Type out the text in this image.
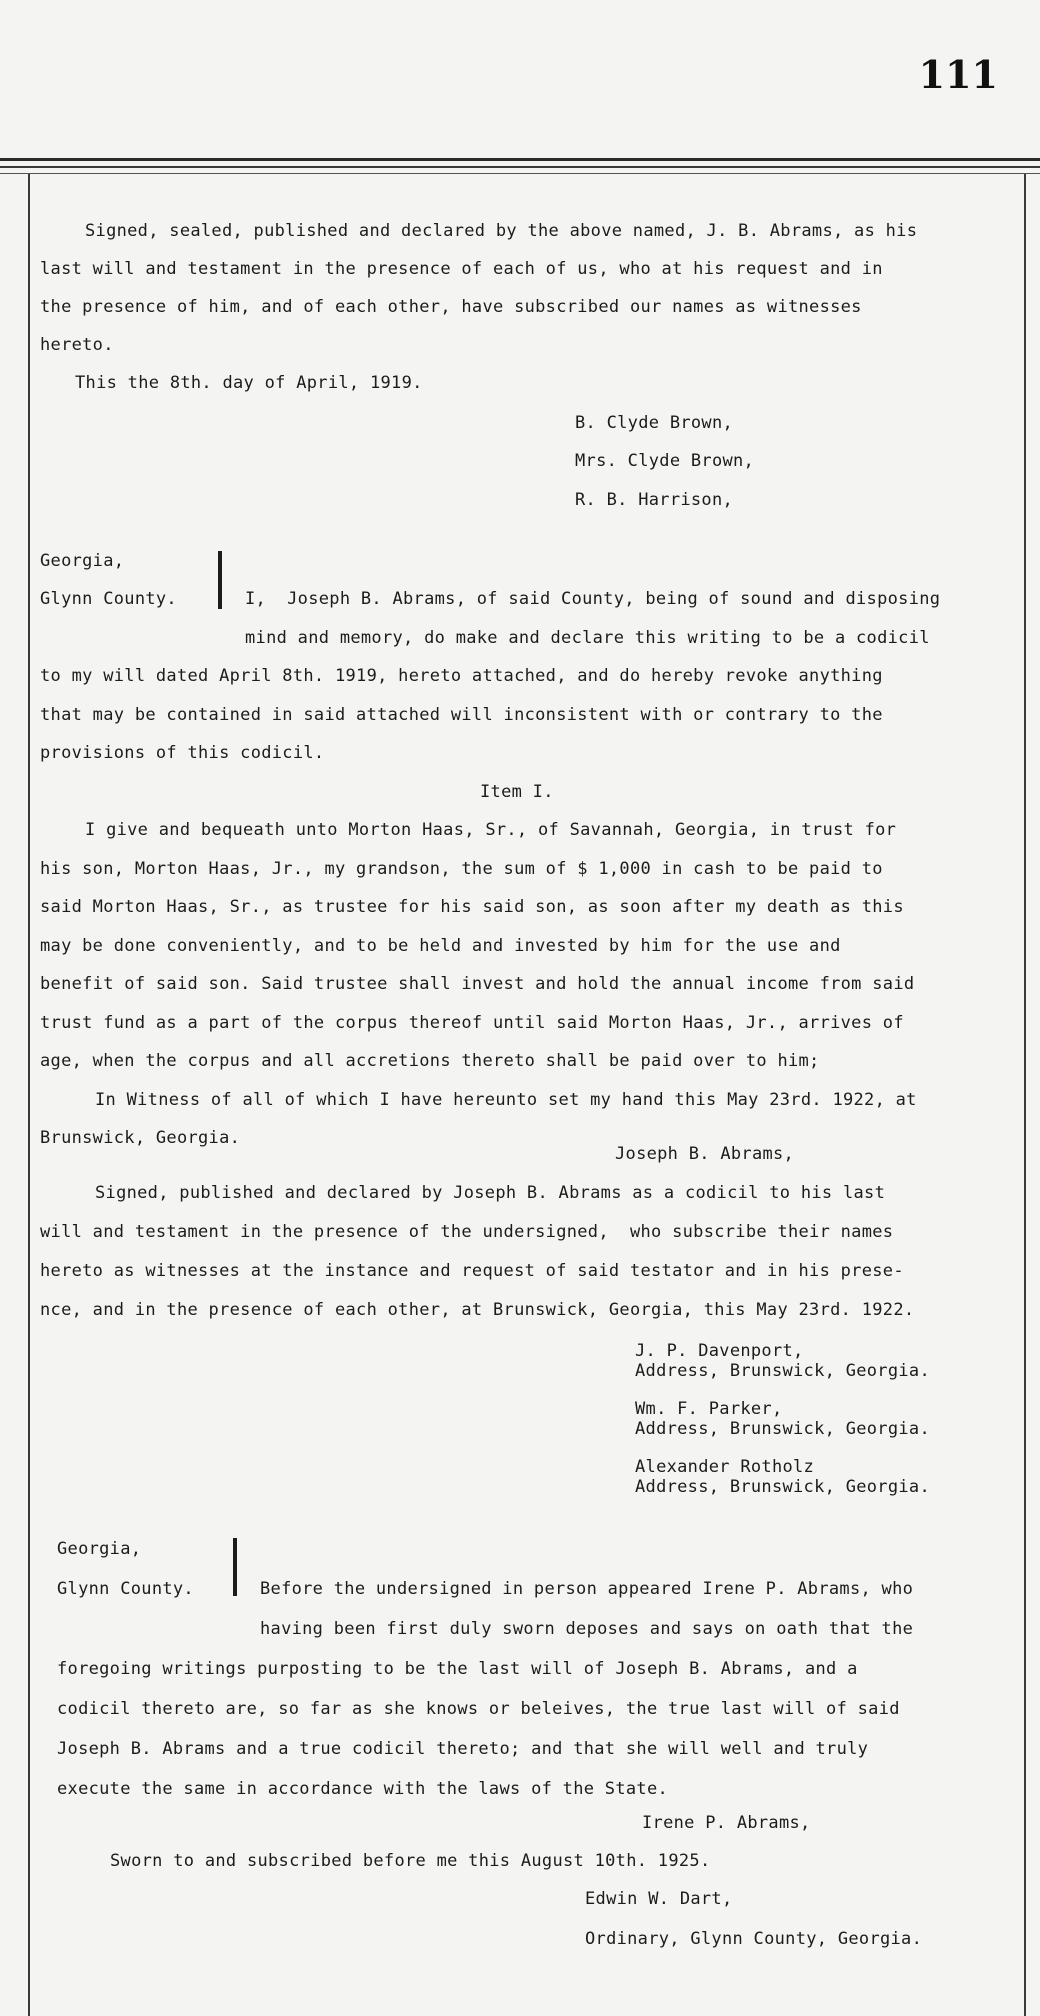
111
Signed, sealed, published and declared by the above named, J. B. Abrams, as his
last will and testament in the presence of each of us, who at his request and in
the presence of him, and of each other, have subscribed our names as witnesses
hereto.
This the 8th. day of April, 1919.
B. Clyde Brown,
Mrs. Clyde Brown,
R. B. Harrison,
Georgia,
Glynn County.	I,  Joseph B. Abrams, of said County, being of sound and disposing
mind and memory, do make and declare this writing to be a codicil
to my will dated April 8th. 1919, hereto attached, and do hereby revoke anything
that may be contained in said attached will inconsistent with or contrary to the
provisions of this codicil.
Item I.
I give and bequeath unto Morton Haas, Sr., of Savannah, Georgia, in trust for
his son, Morton Haas, Jr., my grandson, the sum of $ 1,000 in cash to be paid to
said Morton Haas, Sr., as trustee for his said son, as soon after my death as this
may be done conveniently, and to be held and invested by him for the use and
benefit of said son. Said trustee shall invest and hold the annual income from said
trust fund as a part of the corpus thereof until said Morton Haas, Jr., arrives of
age, when the corpus and all accretions thereto shall be paid over to him;
In Witness of all of which I have hereunto set my hand this May 23rd. 1922, at
Brunswick, Georgia.
Joseph B. Abrams,
Signed, published and declared by Joseph B. Abrams as a codicil to his last
will and testament in the presence of the undersigned,  who subscribe their names
hereto as witnesses at the instance and request of said testator and in his prese-
nce, and in the presence of each other, at Brunswick, Georgia, this May 23rd. 1922.
J. P. Davenport,
Address, Brunswick, Georgia.
Wm. F. Parker,
Address, Brunswick, Georgia.
Alexander Rotholz
Address, Brunswick, Georgia.
Georgia,
Glynn County.	Before the undersigned in person appeared Irene P. Abrams, who
having been first duly sworn deposes and says on oath that the
foregoing writings purposting to be the last will of Joseph B. Abrams, and a
codicil thereto are, so far as she knows or beleives, the true last will of said
Joseph B. Abrams and a true codicil thereto; and that she will well and truly
execute the same in accordance with the laws of the State.
Irene P. Abrams,
Sworn to and subscribed before me this August 10th. 1925.
Edwin W. Dart,
Ordinary, Glynn County, Georgia.
